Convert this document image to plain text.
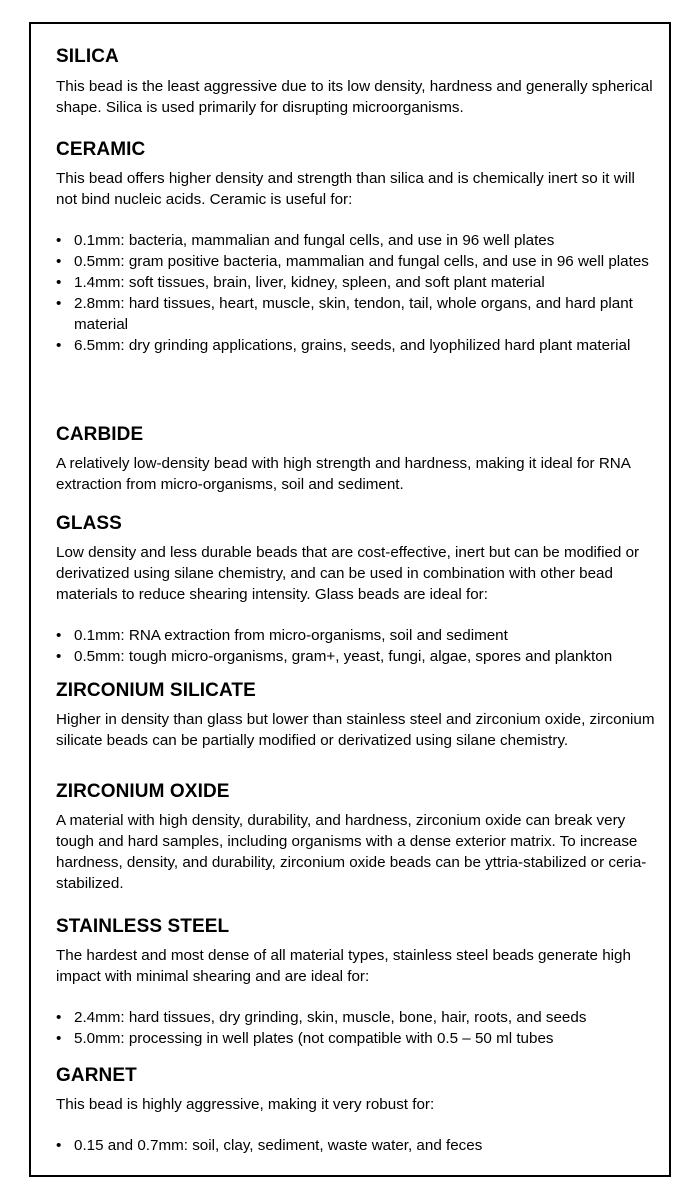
SILICA

This bead is the least aggressive due to its low density, hardness and generally spherical shape. Silica is used primarily for disrupting microorganisms.

CERAMIC

This bead offers higher density and strength than silica and is chemically inert so it will not bind nucleic acids. Ceramic is useful for:

• 0.1mm: bacteria, mammalian and fungal cells, and use in 96 well plates
• 0.5mm: gram positive bacteria, mammalian and fungal cells, and use in 96 well plates
• 1.4mm: soft tissues, brain, liver, kidney, spleen, and soft plant material
• 2.8mm: hard tissues, heart, muscle, skin, tendon, tail, whole organs, and hard plant material
• 6.5mm: dry grinding applications, grains, seeds, and lyophilized hard plant material
CARBIDE

A relatively low-density bead with high strength and hardness, making it ideal for RNA extraction from micro-organisms, soil and sediment.

GLASS

Low density and less durable beads that are cost-effective, inert but can be modified or derivatized using silane chemistry, and can be used in combination with other bead materials to reduce shearing intensity. Glass beads are ideal for:

• 0.1mm: RNA extraction from micro-organisms, soil and sediment
• 0.5mm: tough micro-organisms, gram+, yeast, fungi, algae, spores and plankton
ZIRCONIUM SILICATE

Higher in density than glass but lower than stainless steel and zirconium oxide, zirconium silicate beads can be partially modified or derivatized using silane chemistry.

ZIRCONIUM OXIDE

A material with high density, durability, and hardness, zirconium oxide can break very tough and hard samples, including organisms with a dense exterior matrix. To increase hardness, density, and durability, zirconium oxide beads can be yttria-stabilized or ceria-stabilized.

STAINLESS STEEL

The hardest and most dense of all material types, stainless steel beads generate high impact with minimal shearing and are ideal for:

• 2.4mm: hard tissues, dry grinding, skin, muscle, bone, hair, roots, and seeds
• 5.0mm: processing in well plates (not compatible with 0.5 – 50 ml tubes
GARNET

This bead is highly aggressive, making it very robust for:

• 0.15 and 0.7mm: soil, clay, sediment, waste water, and feces
